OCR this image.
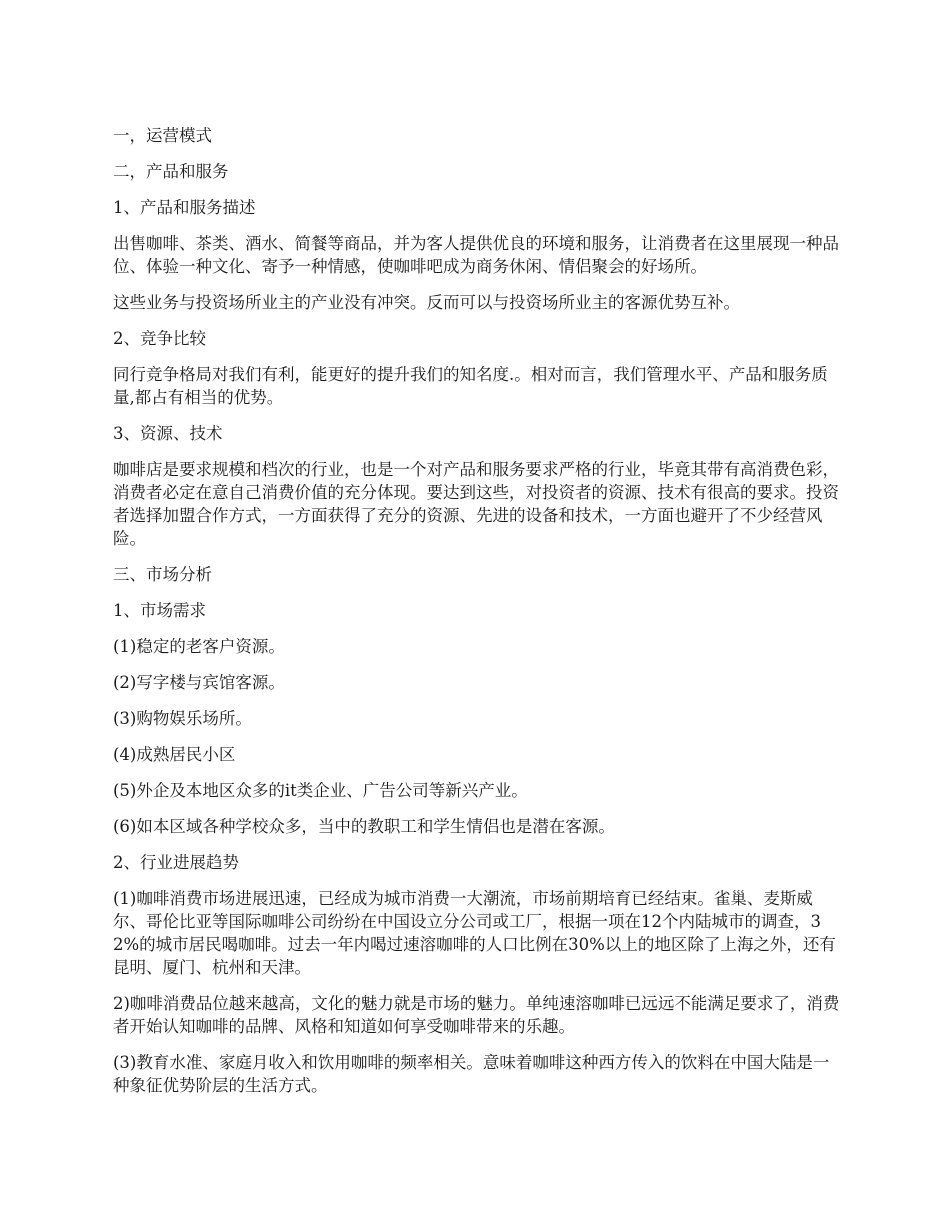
一，运营模式

二，产品和服务

1、产品和服务描述

出售咖啡、茶类、酒水、简餐等商品，并为客人提供优良的环境和服务，让消费者在这里展现一种品位、体验一种文化、寄予一种情感，使咖啡吧成为商务休闲、情侣聚会的好场所。

这些业务与投资场所业主的产业没有冲突。反而可以与投资场所业主的客源优势互补。

2、竞争比较

同行竞争格局对我们有利，能更好的提升我们的知名度.。相对而言，我们管理水平、产品和服务质量,都占有相当的优势。

3、资源、技术

咖啡店是要求规模和档次的行业，也是一个对产品和服务要求严格的行业，毕竟其带有高消费色彩，消费者必定在意自己消费价值的充分体现。要达到这些，对投资者的资源、技术有很高的要求。投资者选择加盟合作方式，一方面获得了充分的资源、先进的设备和技术，一方面也避开了不少经营风险。

三、市场分析

1、市场需求

(1)稳定的老客户资源。

(2)写字楼与宾馆客源。

(3)购物娱乐场所。

(4)成熟居民小区

(5)外企及本地区众多的it类企业、广告公司等新兴产业。

(6)如本区域各种学校众多，当中的教职工和学生情侣也是潜在客源。

2、行业进展趋势

(1)咖啡消费市场进展迅速，已经成为城市消费一大潮流，市场前期培育已经结束。雀巢、麦斯威尔、哥伦比亚等国际咖啡公司纷纷在中国设立分公司或工厂，根据一项在12个内陆城市的调查，32%的城市居民喝咖啡。过去一年内喝过速溶咖啡的人口比例在30%以上的地区除了上海之外，还有昆明、厦门、杭州和天津。

2)咖啡消费品位越来越高，文化的魅力就是市场的魅力。单纯速溶咖啡已远远不能满足要求了，消费者开始认知咖啡的品牌、风格和知道如何享受咖啡带来的乐趣。

(3)教育水准、家庭月收入和饮用咖啡的频率相关。意味着咖啡这种西方传入的饮料在中国大陆是一种象征优势阶层的生活方式。
